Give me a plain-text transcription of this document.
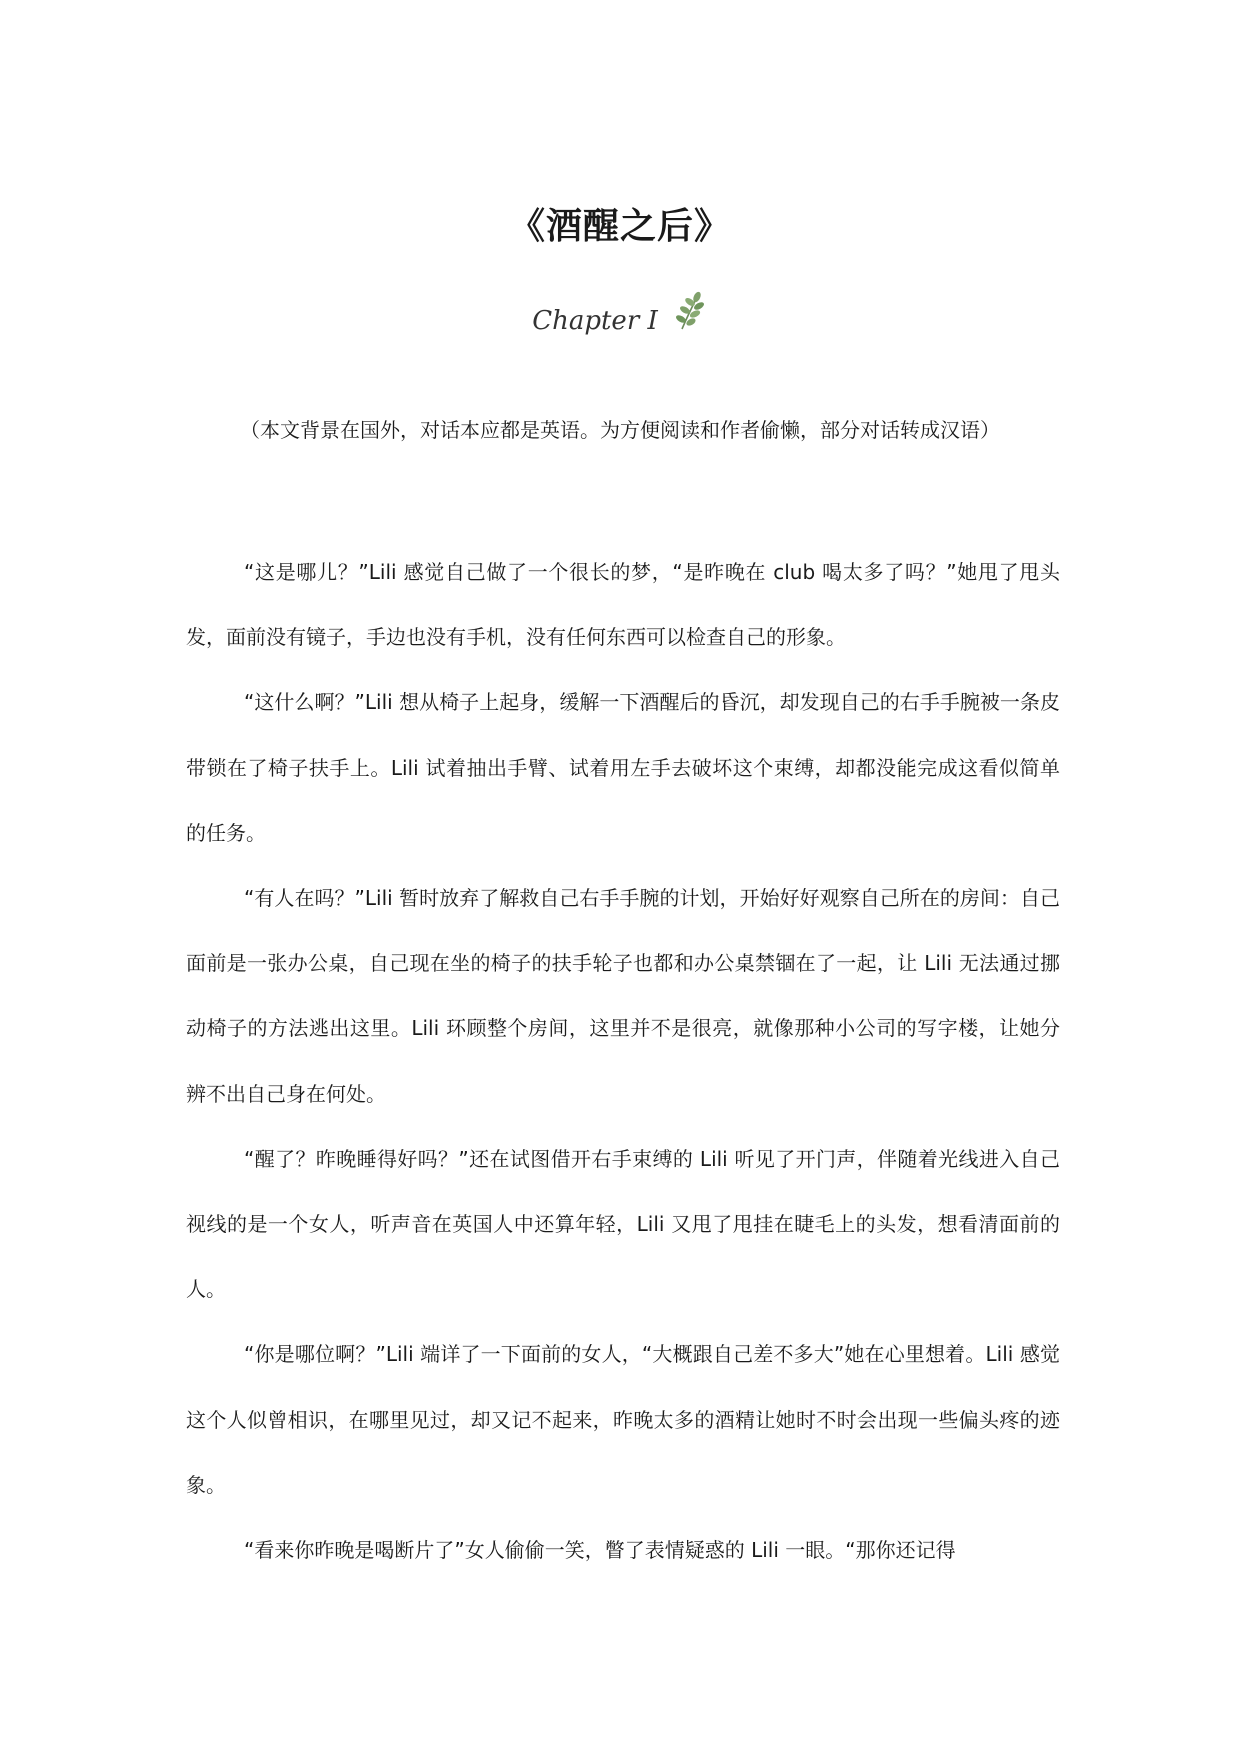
《酒醒之后》
Chapter I
（本文背景在国外，对话本应都是英语。为方便阅读和作者偷懒，部分对话转成汉语）

“这是哪儿？”Lili 感觉自己做了一个很长的梦，“是昨晚在 club 喝太多了吗？”她甩了甩头发，面前没有镜子，手边也没有手机，没有任何东西可以检查自己的形象。

“这什么啊？”Lili 想从椅子上起身，缓解一下酒醒后的昏沉，却发现自己的右手手腕被一条皮带锁在了椅子扶手上。Lili 试着抽出手臂、试着用左手去破坏这个束缚，却都没能完成这看似简单的任务。

“有人在吗？”Lili 暂时放弃了解救自己右手手腕的计划，开始好好观察自己所在的房间：自己面前是一张办公桌，自己现在坐的椅子的扶手轮子也都和办公桌禁锢在了一起，让 Lili 无法通过挪动椅子的方法逃出这里。Lili 环顾整个房间，这里并不是很亮，就像那种小公司的写字楼，让她分辨不出自己身在何处。

“醒了？昨晚睡得好吗？”还在试图借开右手束缚的 Lili 听见了开门声，伴随着光线进入自己视线的是一个女人，听声音在英国人中还算年轻，Lili 又甩了甩挂在睫毛上的头发，想看清面前的人。

“你是哪位啊？”Lili 端详了一下面前的女人，“大概跟自己差不多大”她在心里想着。Lili 感觉这个人似曾相识，在哪里见过，却又记不起来，昨晚太多的酒精让她时不时会出现一些偏头疼的迹象。

“看来你昨晚是喝断片了”女人偷偷一笑，瞥了表情疑惑的 Lili 一眼。“那你还记得
